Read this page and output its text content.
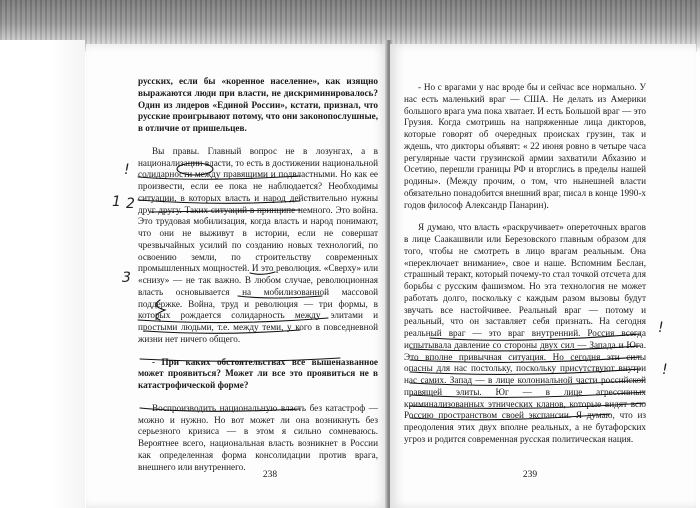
русских, если бы «коренное население», как изящно выражаются люди при власти, не дискриминировалось? Один из лидеров «Единой России», кстати, признал, что русские проигрывают потому, что они законопослушные, в отличие от пришельцев.

Вы правы. Главный вопрос не в лозунгах, а в национализации власти, то есть в достижении национальной солидарности между правящими и подвластными. Но как ее произвести, если ее пока не наблюдается? Необходимы ситуации, в которых власть и народ действительно нужны друг другу. Таких ситуаций в принципе немного. Это война. Это трудовая мобилизация, когда власть и народ понимают, что они не выживут в истории, если не совершат чрезвычайных усилий по созданию новых технологий, по освоению земли, по строительству современных промышленных мощностей. И это революция. «Сверху» или «снизу» — не так важно. В любом случае, революционная власть основывается на мобилизованной массовой поддержке. Война, труд и революция — три формы, в которых рождается солидарность между элитами и простыми людьми, т.е. между теми, у кого в повседневной жизни нет ничего общего.

- При каких обстоятельствах все вышеназванное может проявиться? Может ли все это проявиться не в катастрофической форме?

Воспроизводить национальную власть без катастроф — можно и нужно. Но вот может ли она возникнуть без серьезного кризиса — в этом я сильно сомневаюсь. Вероятнее всего, национальная власть возникнет в России как определенная форма консолидации против врага, внешнего или внутреннего.

238
!
1 2
3

- Но с врагами у нас вроде бы и сейчас все нормально. У нас есть маленький враг — США. Не делать из Америки большого врага ума пока хватает. И есть Большой враг — это Грузия. Когда смотришь на напряженные лица дикторов, которые говорят об очередных происках грузин, так и ждешь, что дикторы объявят: « 22 июня ровно в четыре часа регулярные части грузинской армии захватили Абхазию и Осетию, перешли границы РФ и вторглись в пределы нашей родины». (Между прочим, о том, что нынешней власти обязательно понадобится внешний враг, писал в конце 1990-х годов философ Александр Панарин).

Я думаю, что власть «раскручивает» опереточных врагов в лице Саакашвили или Березовского главным образом для того, чтобы не смотреть в лицо врагам реальным. Она «переключает внимание», свое и наше. Вспомним Беслан, страшный теракт, который почему-то стал точкой отсчета для борьбы с русским фашизмом. Но эта технология не может работать долго, поскольку с каждым разом вызовы будут звучать все настойчивее. Реальный враг — потому и реальный, что он заставляет себя признать. На сегодня реальный враг — это враг внутренний. Россия всегда испытывала давление со стороны двух сил — Запада и Юга. Это вполне привычная ситуация. Но сегодня эти силы опасны для нас постольку, поскольку присутствуют внутри нас самих. Запад — в лице колониальной части российской правящей элиты. Юг — в лице агрессивных криминализованных этнических кланов, которые видят всю Россию пространством своей экспансии. Я думаю, что из преодоления этих двух вполне реальных, а не бутафорских угроз и родится современная русская политическая нация.

239
!
!
